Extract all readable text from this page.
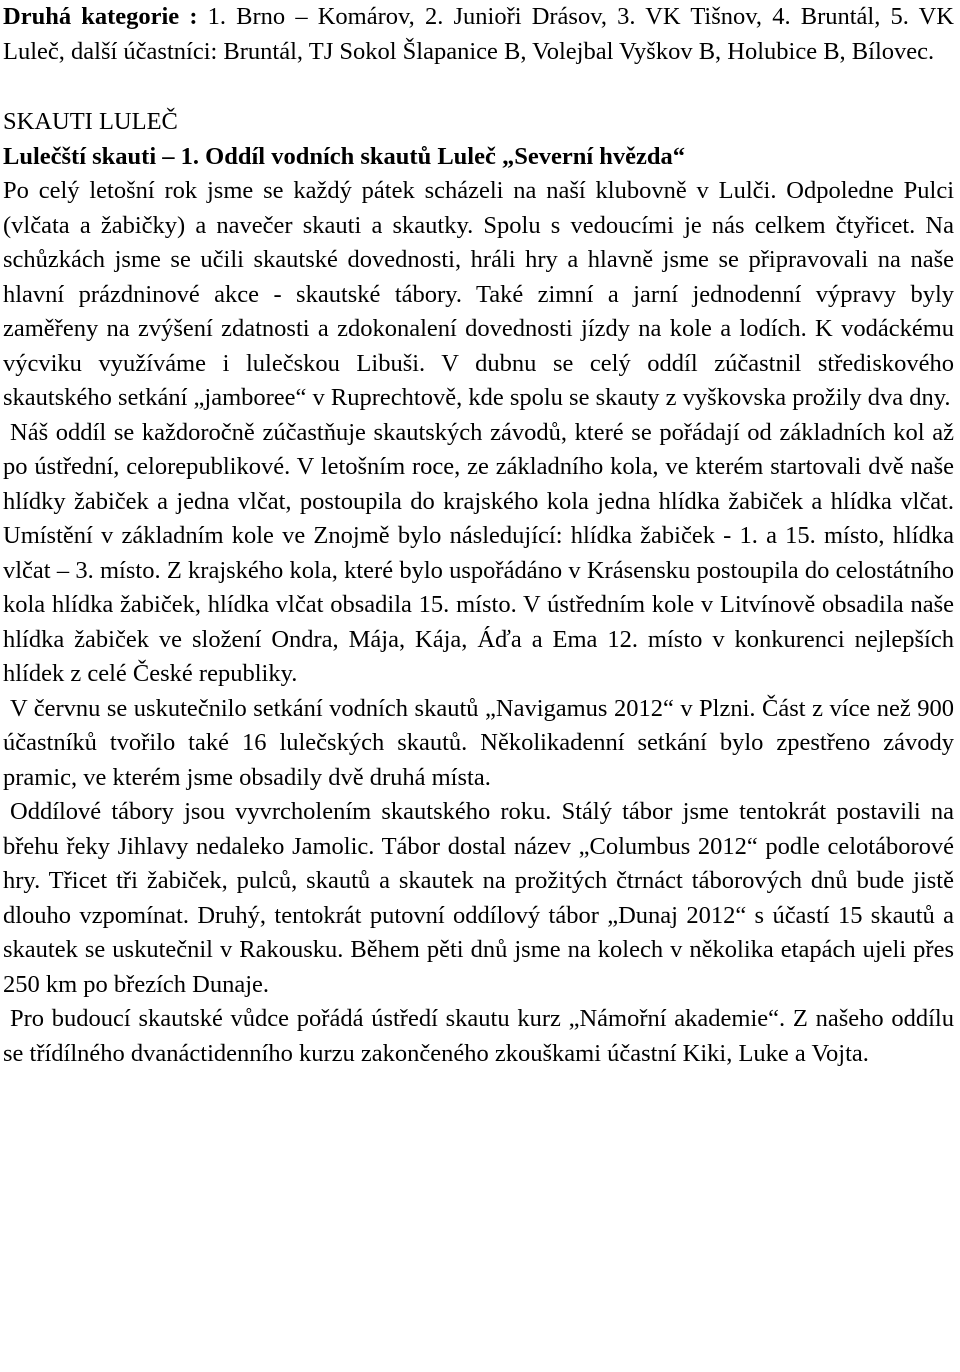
Druhá kategorie : 1. Brno – Komárov, 2. Junioři Drásov, 3. VK Tišnov, 4. Bruntál, 5. VK Luleč, další účastníci: Bruntál, TJ Sokol Šlapanice B, Volejbal Vyškov B, Holubice B, Bílovec.

SKAUTI LULEČ

Lulečští skauti – 1. Oddíl vodních skautů Luleč „Severní hvězda“

Po celý letošní rok jsme se každý pátek scházeli na naší klubovně v Lulči. Odpoledne Pulci (vlčata a žabičky) a navečer skauti a skautky. Spolu s vedoucími je nás celkem čtyřicet. Na schůzkách jsme se učili skautské dovednosti, hráli hry a hlavně jsme se připravovali na naše hlavní prázdninové akce - skautské tábory. Také zimní a jarní jednodenní výpravy byly zaměřeny na zvýšení zdatnosti a zdokonalení dovednosti jízdy na kole a lodích. K vodáckému výcviku využíváme i lulečskou Libuši. V dubnu se celý oddíl zúčastnil střediskového skautského setkání „jamboree“ v Ruprechtově, kde spolu se skauty z vyškovska prožily dva dny.

Náš oddíl se každoročně zúčastňuje skautských závodů, které se pořádají od základních kol až po ústřední, celorepublikové. V letošním roce, ze základního kola, ve kterém startovali dvě naše hlídky žabiček a jedna vlčat, postoupila do krajského kola jedna hlídka žabiček a hlídka vlčat. Umístění v základním kole ve Znojmě bylo následující: hlídka žabiček - 1. a 15. místo, hlídka vlčat – 3. místo. Z krajského kola, které bylo uspořádáno v Krásensku postoupila do celostátního kola hlídka žabiček, hlídka vlčat obsadila 15. místo. V ústředním kole v Litvínově obsadila naše hlídka žabiček ve složení Ondra, Mája, Kája, Áďa a Ema 12. místo v konkurenci nejlepších hlídek z celé České republiky.

V červnu se uskutečnilo setkání vodních skautů „Navigamus 2012“ v Plzni. Část z více než 900 účastníků tvořilo také 16 lulečských skautů. Několikadenní setkání bylo zpestřeno závody pramic, ve kterém jsme obsadily dvě druhá místa.

Oddílové tábory jsou vyvrcholením skautského roku. Stálý tábor jsme tentokrát postavili na břehu řeky Jihlavy nedaleko Jamolic. Tábor dostal název „Columbus 2012“ podle celotáborové hry. Třicet tři žabiček, pulců, skautů a skautek na prožitých čtrnáct táborových dnů bude jistě dlouho vzpomínat. Druhý, tentokrát putovní oddílový tábor „Dunaj 2012“ s účastí 15 skautů a skautek se uskutečnil v Rakousku. Během pěti dnů jsme na kolech v několika etapách ujeli přes 250 km po březích Dunaje.

Pro budoucí skautské vůdce pořádá ústředí skautu kurz „Námořní akademie“. Z našeho oddílu se třídílného dvanáctidenního kurzu zakončeného zkouškami účastní Kiki, Luke a Vojta.
